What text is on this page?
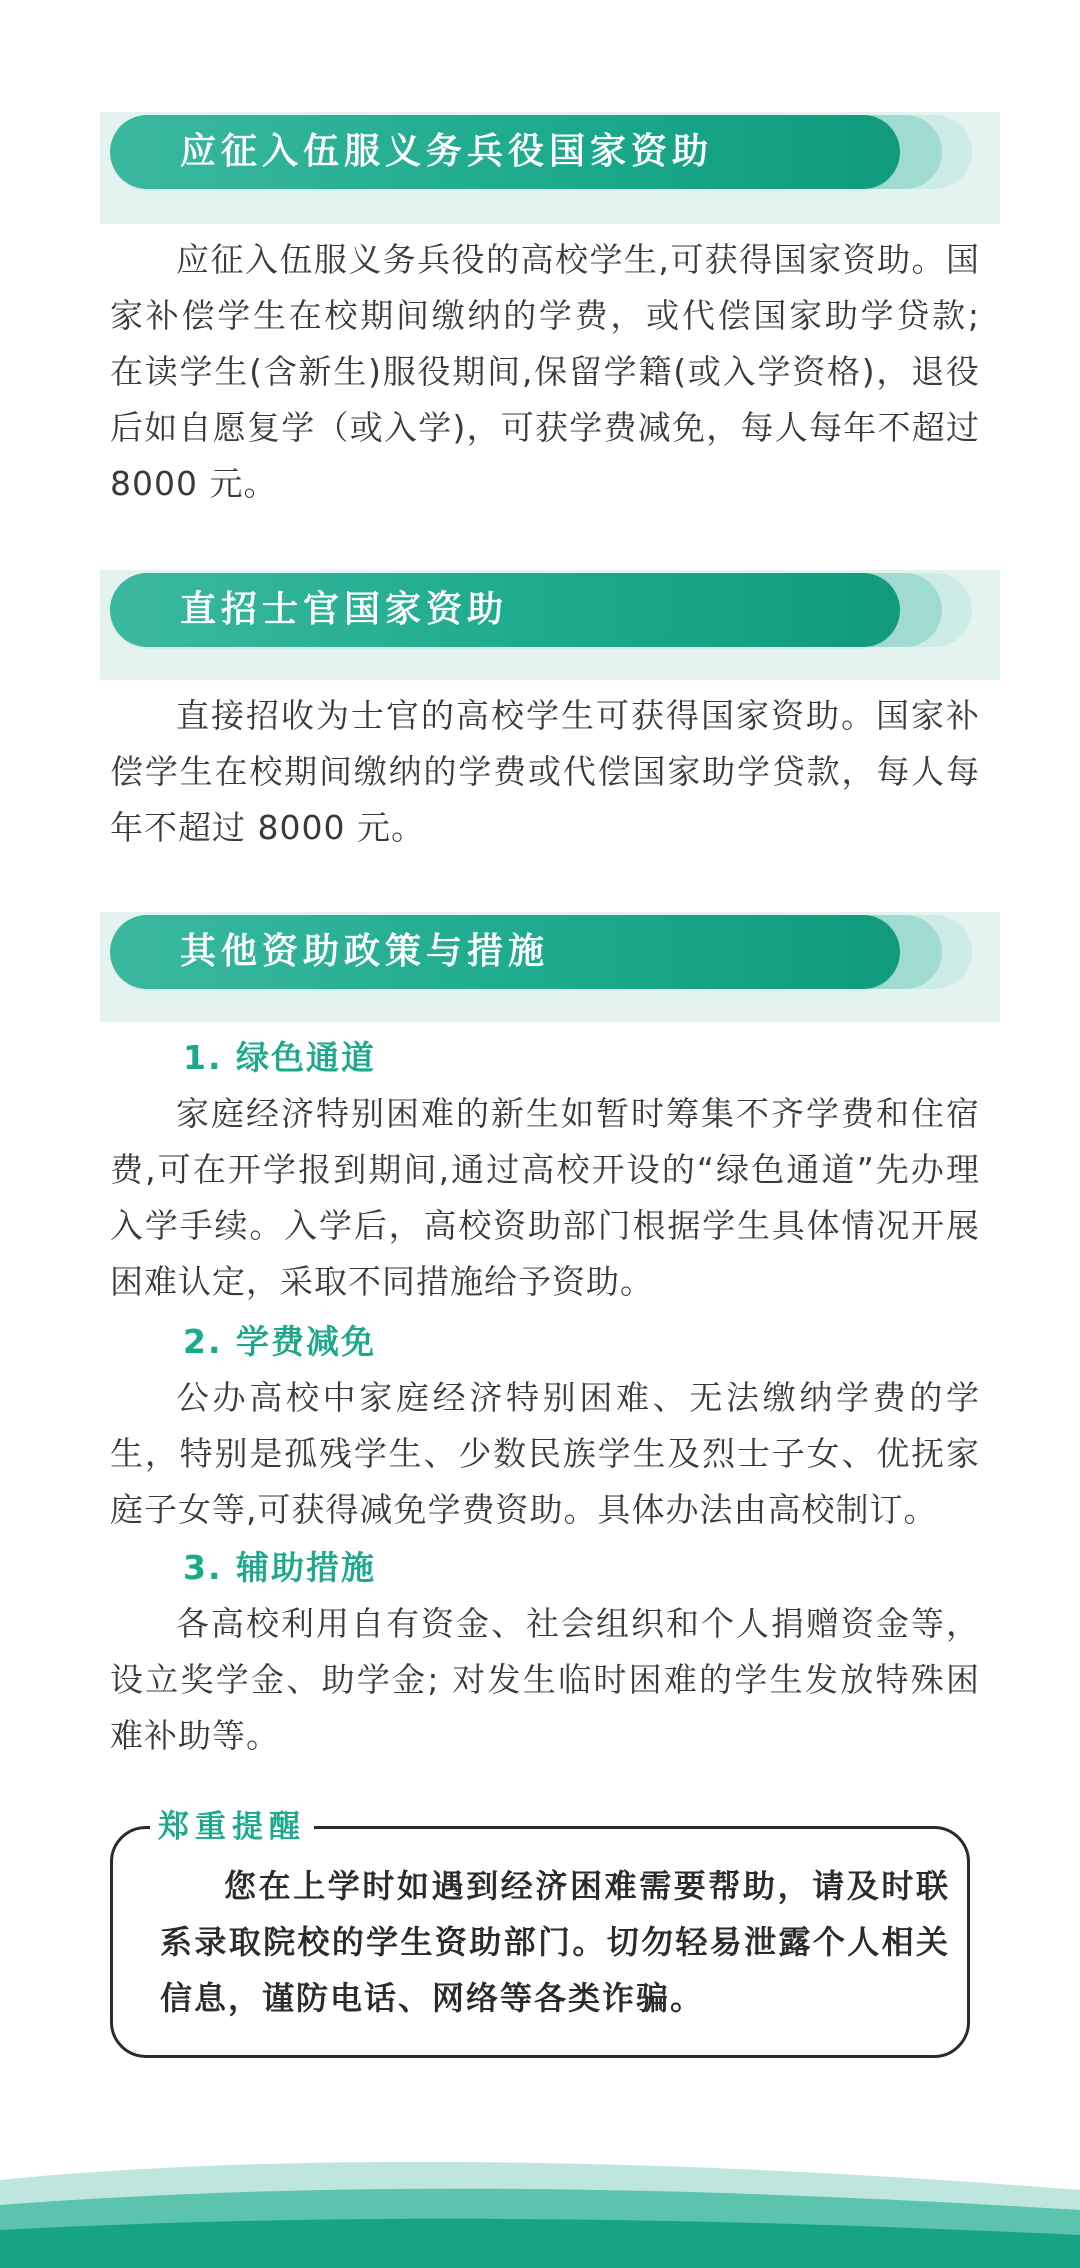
应征入伍服义务兵役国家资助

应征入伍服义务兵役的高校学生,可获得国家资助。国家补偿学生在校期间缴纳的学费，或代偿国家助学贷款; 在读学生(含新生)服役期间,保留学籍(或入学资格)，退役后如自愿复学（或入学)，可获学费减免，每人每年不超过 8000 元。

直招士官国家资助

直接招收为士官的高校学生可获得国家资助。国家补偿学生在校期间缴纳的学费或代偿国家助学贷款，每人每年不超过 8000 元。

其他资助政策与措施
1. 绿色通道

家庭经济特别困难的新生如暂时筹集不齐学费和住宿费,可在开学报到期间,通过高校开设的“绿色通道”先办理入学手续。入学后，高校资助部门根据学生具体情况开展困难认定，采取不同措施给予资助。

2. 学费减免

公办高校中家庭经济特别困难、无法缴纳学费的学生，特别是孤残学生、少数民族学生及烈士子女、优抚家庭子女等,可获得减免学费资助。具体办法由高校制订。

3. 辅助措施

各高校利用自有资金、社会组织和个人捐赠资金等，设立奖学金、助学金; 对发生临时困难的学生发放特殊困难补助等。

郑重提醒

您在上学时如遇到经济困难需要帮助，请及时联系录取院校的学生资助部门。切勿轻易泄露个人相关信息，谨防电话、网络等各类诈骗。
